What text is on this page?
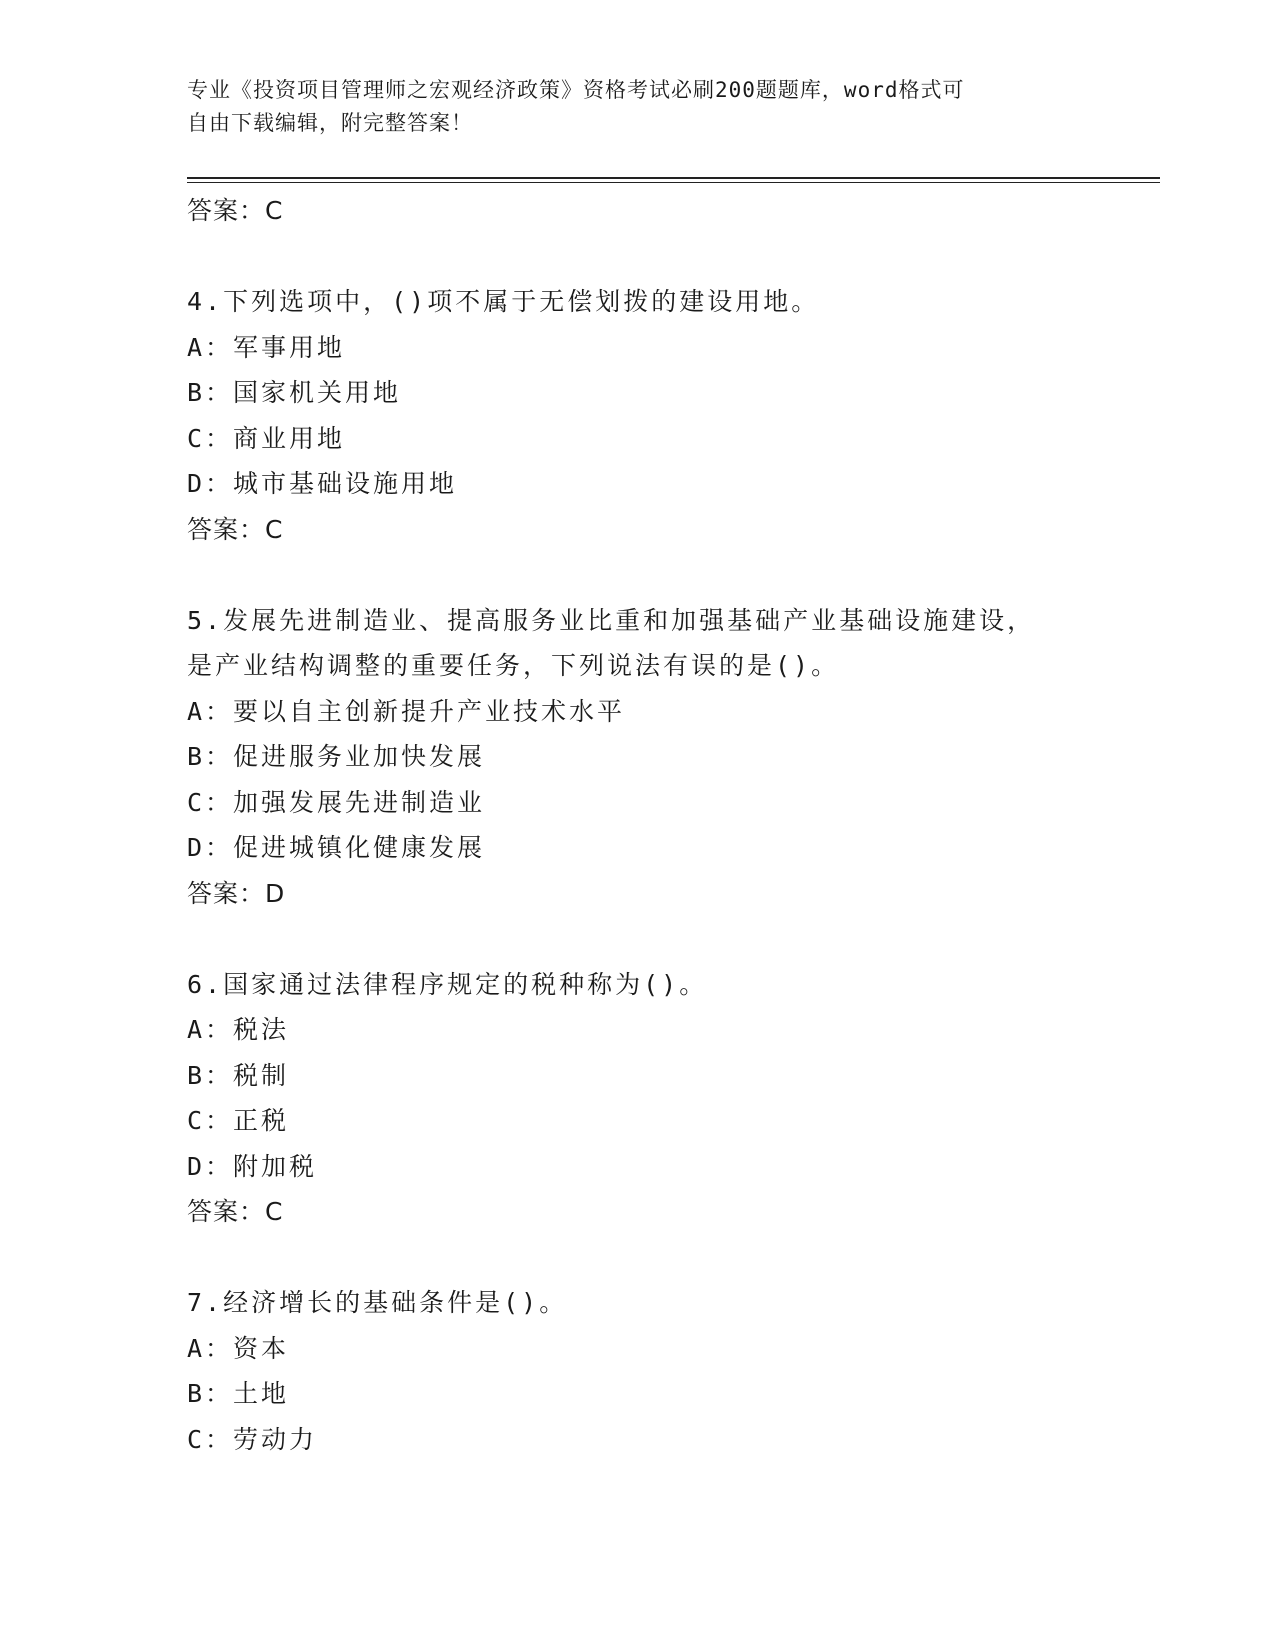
专业《投资项目管理师之宏观经济政策》资格考试必刷200题题库，word格式可
自由下载编辑，附完整答案！
答案：C
4.下列选项中，()项不属于无偿划拨的建设用地。
A：军事用地
B：国家机关用地
C：商业用地
D：城市基础设施用地
答案：C
5.发展先进制造业、提高服务业比重和加强基础产业基础设施建设，
是产业结构调整的重要任务，下列说法有误的是()。
A：要以自主创新提升产业技术水平
B：促进服务业加快发展
C：加强发展先进制造业
D：促进城镇化健康发展
答案：D
6.国家通过法律程序规定的税种称为()。
A：税法
B：税制
C：正税
D：附加税
答案：C
7.经济增长的基础条件是()。
A：资本
B：土地
C：劳动力
